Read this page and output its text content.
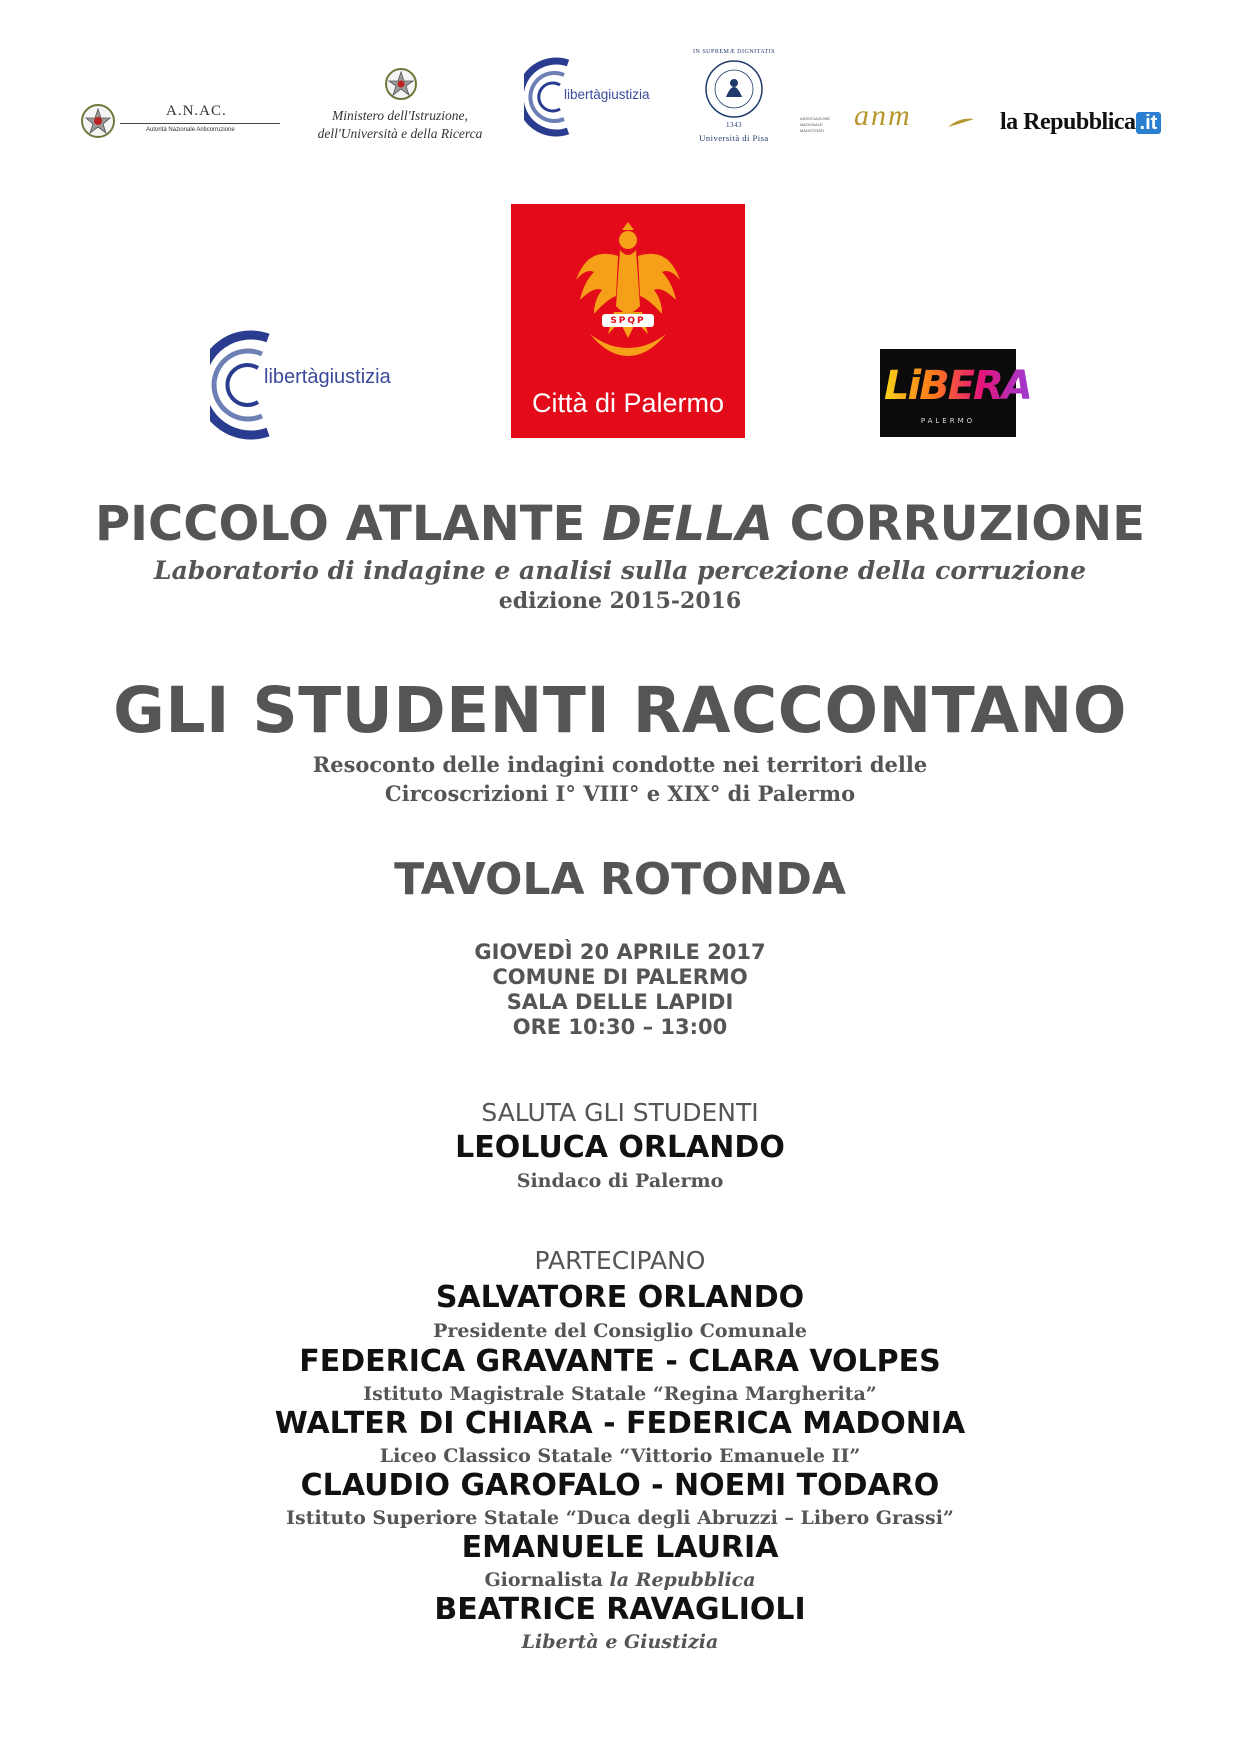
A.N.AC.
Autorità Nazionale Anticorruzione
Ministero dell'Istruzione,
dell'Università e della Ricerca
libertàgiustizia
IN SUPREMÆ DIGNITATIS
1343
Università di Pisa
ASSOCIAZIONE
NAZIONALE
MAGISTRATI anm	la Repubblica .it
libertàgiustizia
SPQP
Città di Palermo	LiBERA
PALERMO
PICCOLO ATLANTE DELLA CORRUZIONE
Laboratorio di indagine e analisi sulla percezione della corruzione
edizione 2015-2016
GLI STUDENTI RACCONTANO
Resoconto delle indagini condotte nei territori delle
Circoscrizioni I° VIII° e XIX° di Palermo
TAVOLA ROTONDA
GIOVEDÌ 20 APRILE 2017
COMUNE DI PALERMO
SALA DELLE LAPIDI
ORE 10:30 – 13:00
SALUTA GLI STUDENTI
LEOLUCA ORLANDO
Sindaco di Palermo
PARTECIPANO
SALVATORE ORLANDO
Presidente del Consiglio Comunale
FEDERICA GRAVANTE - CLARA VOLPES
Istituto Magistrale Statale “Regina Margherita”
WALTER DI CHIARA - FEDERICA MADONIA
Liceo Classico Statale “Vittorio Emanuele II”
CLAUDIO GAROFALO - NOEMI TODARO
Istituto Superiore Statale “Duca degli Abruzzi – Libero Grassi”
EMANUELE LAURIA
Giornalista la Repubblica
BEATRICE RAVAGLIOLI
Libertà e Giustizia
